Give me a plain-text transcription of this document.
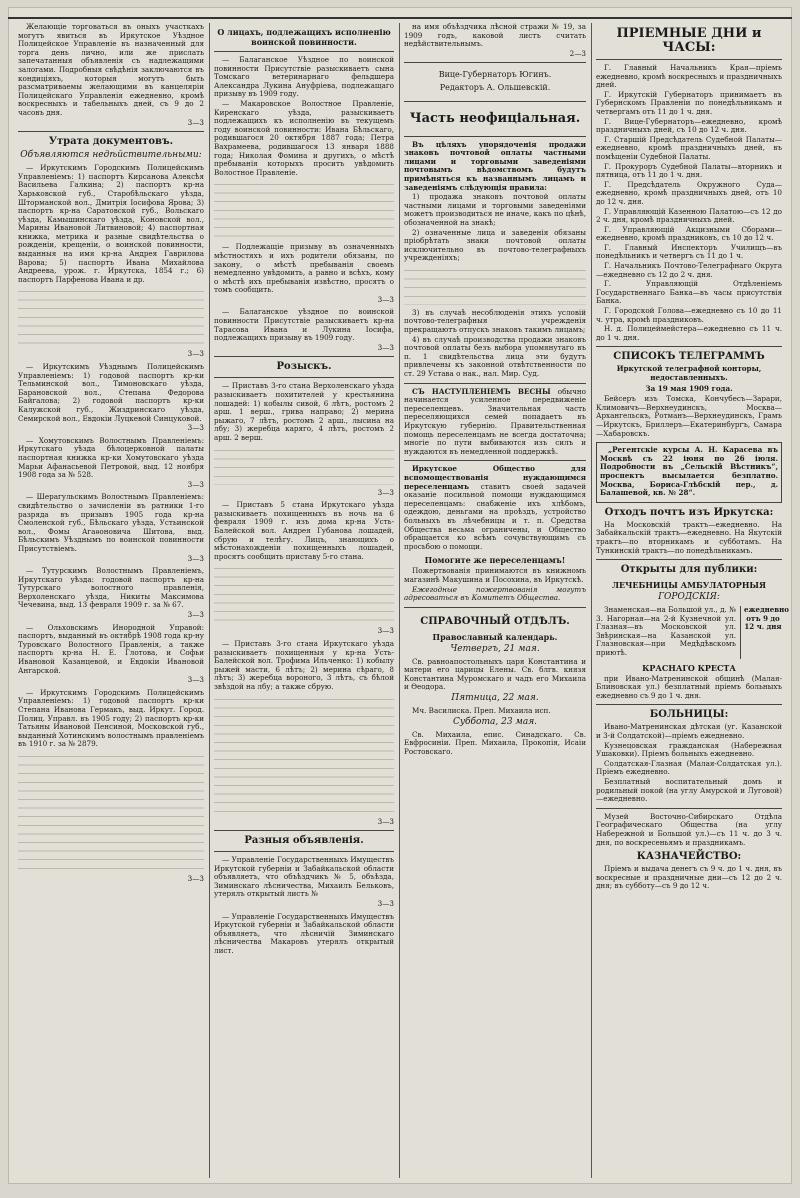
Желающіе торговаться въ оныхъ участкахъ могутъ явиться въ Иркутское Уѣздное Полицейское Управленіе въ назначенный для торга день лично, или же прислать запечатанныя объявленія съ надлежащими залогами. Подробныя свѣдѣнія заключаются въ кондиціяхъ, которыя могутъ быть разсматриваемы желающими въ канцеляріи Полицейскаго Управленія ежедневно, кромѣ воскресныхъ и табельныхъ дней, съ 9 до 2 часовъ дня.

3—3
Утрата документовъ.
Объявляются недѣйствительными:

— Иркутскимъ Городскимъ Полицейскимъ Управленіемъ: 1) паспортъ Кирсанова Алексѣя Васильева Галкина; 2) паспортъ кр-на Харьковской губ., Старобѣльскаго уѣзда, Шторманской вол., Дмитрія Іосифова Ярова; 3) паспортъ кр-на Саратовской губ., Вольскаго уѣзда, Камышинскаго уѣзда, Коновской вол., Марины Ивановой Литвиновой; 4) паспортная книжка, метрика и разные свидѣтельства о рожденіи, крещеніи, о воинской повинности, выданныя на имя кр-на Андрея Гаврилова Варова; 5) паспортъ Ивана Михайлова Андреева, урож. г. Иркутска, 1854 г.; 6) паспортъ Парфенова Ивана и др.

3—3

— Иркутскимъ Уѣзднымъ Полицейскимъ Управленіемъ: 1) годовой паспортъ кр-ки Тельминской вол., Тимоновскаго уѣзда, Барановской вол., Степана Федорова Байгалова; 2) годовой паспортъ кр-ки Калужской губ., Жиздринскаго уѣзда, Семирской вол., Евдокіи Луцкевой Синцуковой.

3—3

— Хомутовскимъ Волостнымъ Правленіемъ: Иркутскаго уѣзда бѣлоцерковной палаты паспортная книжка кр-ки Хомутовскаго уѣзда Марьи Афанасьевой Петровой, выд. 12 ноября 1908 года за № 528.

3—3

— Шерагульскимъ Волостнымъ Правленіемъ: свидѣтельство о зачисленіи въ ратники 1-го разряда въ призывъ 1905 года кр-на Смоленской губ., Бѣльскаго уѣзда, Устьинской вол., Фомы Агаѳоновича Шитова, выд. Бѣльскимъ Уѣзднымъ по воинской повинности Присутствіемъ.

3—3

— Тутурскимъ Волостнымъ Правленіемъ, Иркутскаго уѣзда: годовой паспортъ кр-на Тутурскаго волостного правленія, Верхоленскаго уѣзда, Никиты Максимова Чечевина, выд. 13 февраля 1909 г. за № 67.

3—3

— Ольховскимъ Инородной Управой: паспортъ, выданный въ октябрѣ 1908 года кр-ну Туровскаго Волостного Правленія, а также паспортъ кр-на Н. Е. Глотова, и Софьи Ивановой Казанцевой, и Евдокіи Ивановой Ангарской.

3—3

— Иркутскимъ Городскимъ Полицейскимъ Управленіемъ: 1) годовой паспортъ кр-ки Степана Иванова Гермакъ, выд. Иркут. Город. Полиц. Управл. въ 1905 году; 2) паспортъ кр-ки Татьяны Ивановой Пенсиной, Московской губ., выданный Хотинскимъ волостнымъ правленіемъ въ 1910 г. за № 2879.

3—3
О лицахъ, подлежащихъ исполненію воинской повинности.

— Балаганское Уѣздное по воинской повинности Присутствіе разыскиваетъ сына Томскаго ветеринарнаго фельдшера Александра Лукина Ануфріева, подлежащаго призыву въ 1909 году.

— Макаровское Волостное Правленіе, Киренскаго уѣзда, разыскиваетъ подлежащихъ къ исполненію въ текущемъ году воинской повинности: Ивана Бѣльскаго, родившагося 20 октября 1887 года; Петра Вахрамеева, родившагося 13 января 1888 года; Николая Фомина и другихъ, о мѣстѣ пребыванія которыхъ проситъ увѣдомить Волостное Правленіе.

— Подлежащіе призыву въ означенныхъ мѣстностяхъ и ихъ родители обязаны, по закону, о мѣстѣ пребыванія своемъ немедленно увѣдомить, а равно и всѣхъ, кому о мѣстѣ ихъ пребыванія извѣстно, просятъ о томъ сообщить.

3—3

— Балаганское уѣздное по воинской повинности Присутствіе разыскиваетъ кр-на Тарасова Ивана и Лукина Іосифа, подлежащихъ призыву въ 1909 году.

3—3
Розыскъ.

— Приставъ 3-го стана Верхоленскаго уѣзда разыскиваетъ похитителей у крестьянина лошадей: 1) кобылы сивой, 6 лѣтъ, ростомъ 2 арш. 1 верш., грива направо; 2) мерина рыжаго, 7 лѣтъ, ростомъ 2 арш., лысина на лбу; 3) жеребца каряго, 4 лѣтъ, ростомъ 2 арш. 2 верш.

3—3

— Приставъ 5 стана Иркутскаго уѣзда разыскиваетъ похищенныхъ въ ночь на 6 февраля 1909 г. изъ дома кр-на Усть-Балейской вол. Андрея Губанова лошадей, сбрую и телѣгу. Лицъ, знающихъ о мѣстонахожденіи похищенныхъ лошадей, просятъ сообщить приставу 5-го стана.

3—3

— Приставъ 3-го стана Иркутскаго уѣзда разыскиваетъ похищенныя у кр-на Усть-Балейской вол. Трофима Ильченко: 1) кобылу рыжей масти, 6 лѣтъ; 2) мерина сѣраго, 8 лѣтъ; 3) жеребца вороного, 3 лѣтъ, съ бѣлой звѣздой на лбу; а также сбрую.

3—3
Разныя объявленія.

— Управленіе Государственныхъ Имуществъ Иркутской губерніи и Забайкальской области объявляетъ, что объѣздчикъ № 5, объѣзда, Зиминскаго лѣсничества, Михаилъ Бельковъ, утерялъ открытый листъ №

3—3

— Управленіе Государственныхъ Имуществъ Иркутской губерніи и Забайкальской области объявляетъ, что лѣсничій Зиминскаго лѣсничества Макаровъ утерялъ открытый лист.

на имя объѣздчика лѣсной стражи № 19, за 1909 годъ, каковой листъ считать недѣйствительнымъ.

2—3
Вице-Губернаторъ Югинъ.
Редакторъ А. Ольшевскій.
Часть неофиціальная.

Въ цѣляхъ упорядоченія продажи знаковъ почтовой оплаты частными лицами и торговыми заведеніями почтовымъ вѣдомствомъ будутъ примѣняться къ названнымъ лицамъ и заведеніямъ слѣдующія правила:

1) продажа знаковъ почтовой оплаты частными лицами и торговыми заведеніями можетъ производиться не иначе, какъ по цѣнѣ, обозначенной на знакѣ;

2) означенные лица и заведенія обязаны пріобрѣтать знаки почтовой оплаты исключительно въ почтово-телеграфныхъ учрежденіяхъ;

3) въ случаѣ несоблюденія этихъ условій почтово-телеграфныя учрежденія прекращаютъ отпускъ знаковъ такимъ лицамъ;

4) въ случаѣ производства продажи знаковъ почтовой оплаты безъ выбора упомянутаго въ п. 1 свидѣтельства лица эти будутъ привлечены къ законной отвѣтственности по ст. 29 Устава о нак., нал. Мир. Суд.

СЪ НАСТУПЛЕНІЕМЪ ВЕСНЫ обычно начинается усиленное передвиженіе переселенцевъ. Значительная часть переселяющихся семей попадаетъ въ Иркутскую губернію. Правительственная помощь переселенцамъ не всегда достаточна; многіе по пути выбиваются изъ силъ и нуждаются въ немедленной поддержкѣ.

Иркутское Общество для вспомоществованія нуждающимся переселенцамъ ставитъ своей задачей оказаніе посильной помощи нуждающимся переселенцамъ: снабженіе ихъ хлѣбомъ, одеждою, деньгами на проѣздъ, устройство больныхъ въ лѣчебницы и т. п. Средства Общества весьма ограничены, и Общество обращается ко всѣмъ сочувствующимъ съ просьбою о помощи.

Помогите же переселенцамъ!

Пожертвованія принимаются въ книжномъ магазинѣ Макушина и Посохина, въ Иркутскѣ.

Ежегодные пожертвованія могутъ адресоваться въ Комитетъ Общества.

СПРАВОЧНЫЙ ОТДѢЛЪ.
Православный календарь.
Четвергъ, 21 мая.

Св. равноапостольныхъ царя Константина и матери его царицы Елены. Св. блгв. князя Константина Муромскаго и чадъ его Михаила и Ѳеодора.

Пятница, 22 мая.

Мч. Василиска. Преп. Михаила исп.

Суббота, 23 мая.

Св. Михаила, епис. Синадскаго. Св. Евфросиніи. Преп. Михаила, Прокопія, Исаіи Ростовскаго.

ПРІЕМНЫЕ ДНИ и ЧАСЫ:

Г. Главный Начальникъ Края—пріемъ ежедневно, кромѣ воскресныхъ и праздничныхъ дней.

Г. Иркутскій Губернаторъ принимаетъ въ Губернскомъ Правленіи по понедѣльникамъ и четвергамъ отъ 11 до 1 ч. дня.

Г. Вице-Губернаторъ—ежедневно, кромѣ праздничныхъ дней, съ 10 до 12 ч. дня.

Г. Старшій Предсѣдатель Судебной Палаты—ежедневно, кромѣ праздничныхъ дней, въ помѣщеніи Судебной Палаты.

Г. Прокуроръ Судебной Палаты—вторникъ и пятница, отъ 11 до 1 ч. дня.

Г. Предсѣдатель Окружного Суда—ежедневно, кромѣ праздничныхъ дней, отъ 10 до 12 ч. дня.

Г. Управляющій Казенною Палатою—съ 12 до 2 ч. дня, кромѣ праздничныхъ дней.

Г. Управляющій Акцизными Сборами—ежедневно, кромѣ праздниковъ, съ 10 до 12 ч.

Г. Главный Инспекторъ Училищъ—въ понедѣльникъ и четвергъ съ 11 до 1 ч.

Г. Начальникъ Почтово-Телеграфнаго Округа—ежедневно съ 12 до 2 ч. дня.

Г. Управляющій Отдѣленіемъ Государственнаго Банка—въ часы присутствія Банка.

Г. Городской Голова—ежедневно съ 10 до 11 ч. утра, кромѣ праздниковъ.

Н. д. Полицеймейстера—ежедневно съ 11 ч. до 1 ч. дня.

СПИСОКЪ ТЕЛЕГРАММЪ
Иркутской телеграфной конторы, недоставленныхъ.
За 19 мая 1909 года.

Бейсеръ изъ Томска, Кончубесъ—Зарари, Климовичъ—Верхнеудинскъ, Москва—Архангельскъ, Ротманъ—Верхнеудинскъ, Грамъ—Иркутскъ, Бриллеръ—Екатеринбургъ, Самара—Хабаровскъ.

„Регентскіе курсы А. Н. Карасева въ Москвѣ съ 22 іюня по 26 іюля. Подробности въ „Сельскій Вѣстникъ“, проспектъ высылается безплатно. Москва, Бориса-Глѣбскій пер., д. Балашевой, кв. № 28“.

Отходъ почтъ изъ Иркутска:

На Московскій трактъ—ежедневно. На Забайкальскій трактъ—ежедневно. На Якутскій трактъ—по вторникамъ и субботамъ. На Тункинскій трактъ—по понедѣльникамъ.

Открыты для публики:
ЛЕЧЕБНИЦЫ АМБУЛАТОРНЫЯ
ГОРОДСКІЯ:

Знаменская—на Большой ул., д. № 3. Нагорная—на 2-й Кузнечной ул. Глазная—въ Московской ул. Звѣринская—на Казанской ул. Глазновская—при Медѣдѣвскомъ приютѣ.

ежедневно отъ 9 до 12 ч. дня
КРАСНАГО КРЕСТА

при Ивано-Матренинской общинѣ (Малая-Блиновская ул.) безплатный пріемъ больныхъ ежедневно съ 9 до 1 ч. дня.

БОЛЬНИЦЫ:

Ивано-Матренинская дѣтская (уг. Казанской и 3-й Солдатской)—пріемъ ежедневно.

Кузнецовская гражданская (Набережная Ушаковки). Пріемъ больныхъ ежедневно.

Солдатская-Глазная (Малая-Солдатская ул.). Пріемъ ежедневно.

Безплатный воспитательный домъ и родильный покой (на углу Амурской и Луговой)—ежедневно.

Музей Восточно-Сибирскаго Отдѣла Географическаго Общества (на углу Набережной и Большой ул.)—съ 11 ч. до 3 ч. дня, по воскресеньямъ и праздникамъ.

КАЗНАЧЕЙСТВО:

Пріемъ и выдача денегъ съ 9 ч. до 1 ч. дня, въ воскресные и праздничные дни—съ 12 до 2 ч. дня; въ субботу—съ 9 до 12 ч.
